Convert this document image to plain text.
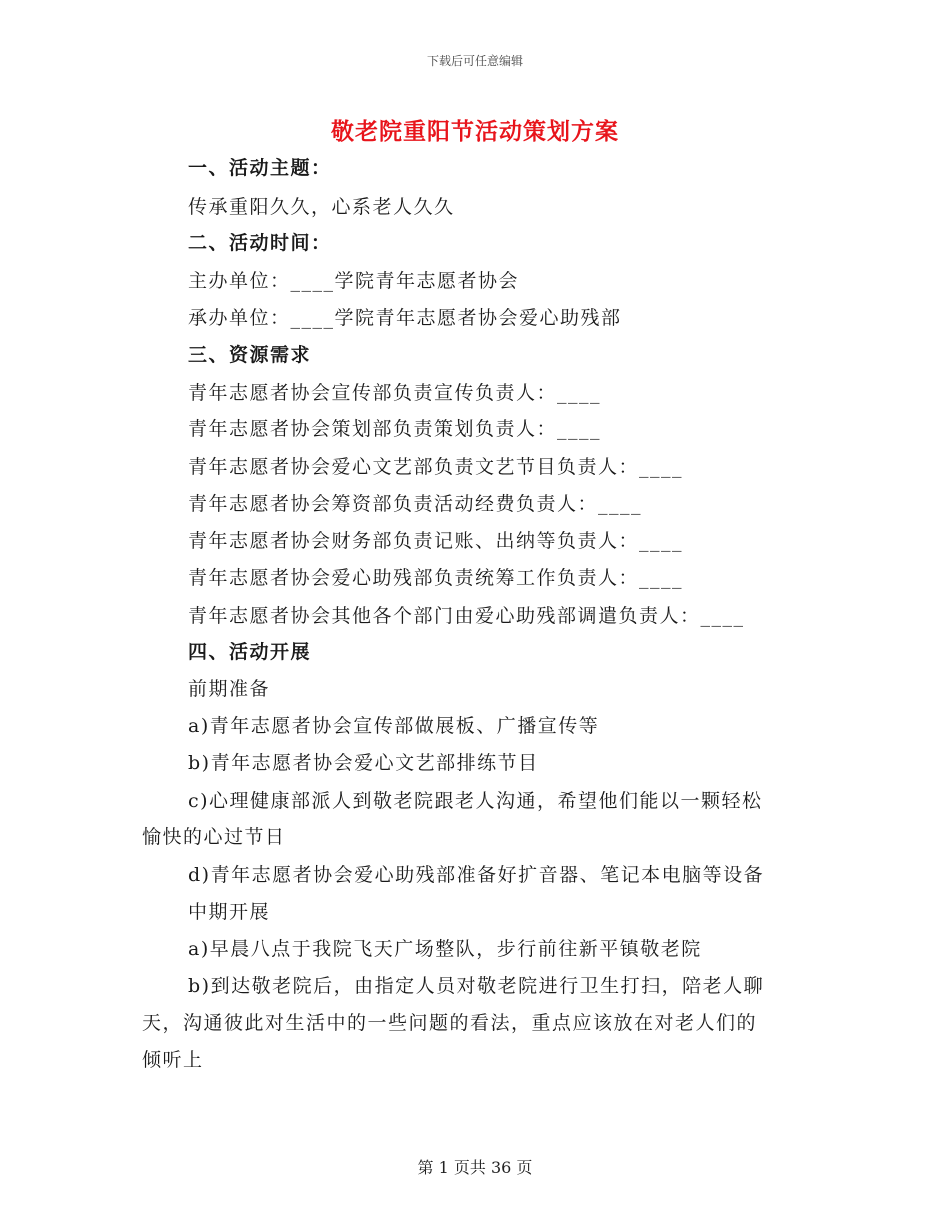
下载后可任意编辑
敬老院重阳节活动策划方案
一、活动主题：
传承重阳久久，心系老人久久
二、活动时间：
主办单位：____学院青年志愿者协会
承办单位：____学院青年志愿者协会爱心助残部
三、资源需求
青年志愿者协会宣传部负责宣传负责人：____
青年志愿者协会策划部负责策划负责人：____
青年志愿者协会爱心文艺部负责文艺节目负责人：____
青年志愿者协会筹资部负责活动经费负责人：____
青年志愿者协会财务部负责记账、出纳等负责人：____
青年志愿者协会爱心助残部负责统筹工作负责人：____
青年志愿者协会其他各个部门由爱心助残部调遣负责人：____
四、活动开展
前期准备
a)青年志愿者协会宣传部做展板、广播宣传等
b)青年志愿者协会爱心文艺部排练节目
c)心理健康部派人到敬老院跟老人沟通，希望他们能以一颗轻松
愉快的心过节日
d)青年志愿者协会爱心助残部准备好扩音器、笔记本电脑等设备
中期开展
a)早晨八点于我院飞天广场整队，步行前往新平镇敬老院
b)到达敬老院后，由指定人员对敬老院进行卫生打扫，陪老人聊
天，沟通彼此对生活中的一些问题的看法，重点应该放在对老人们的
倾听上
第 1 页共 36 页
